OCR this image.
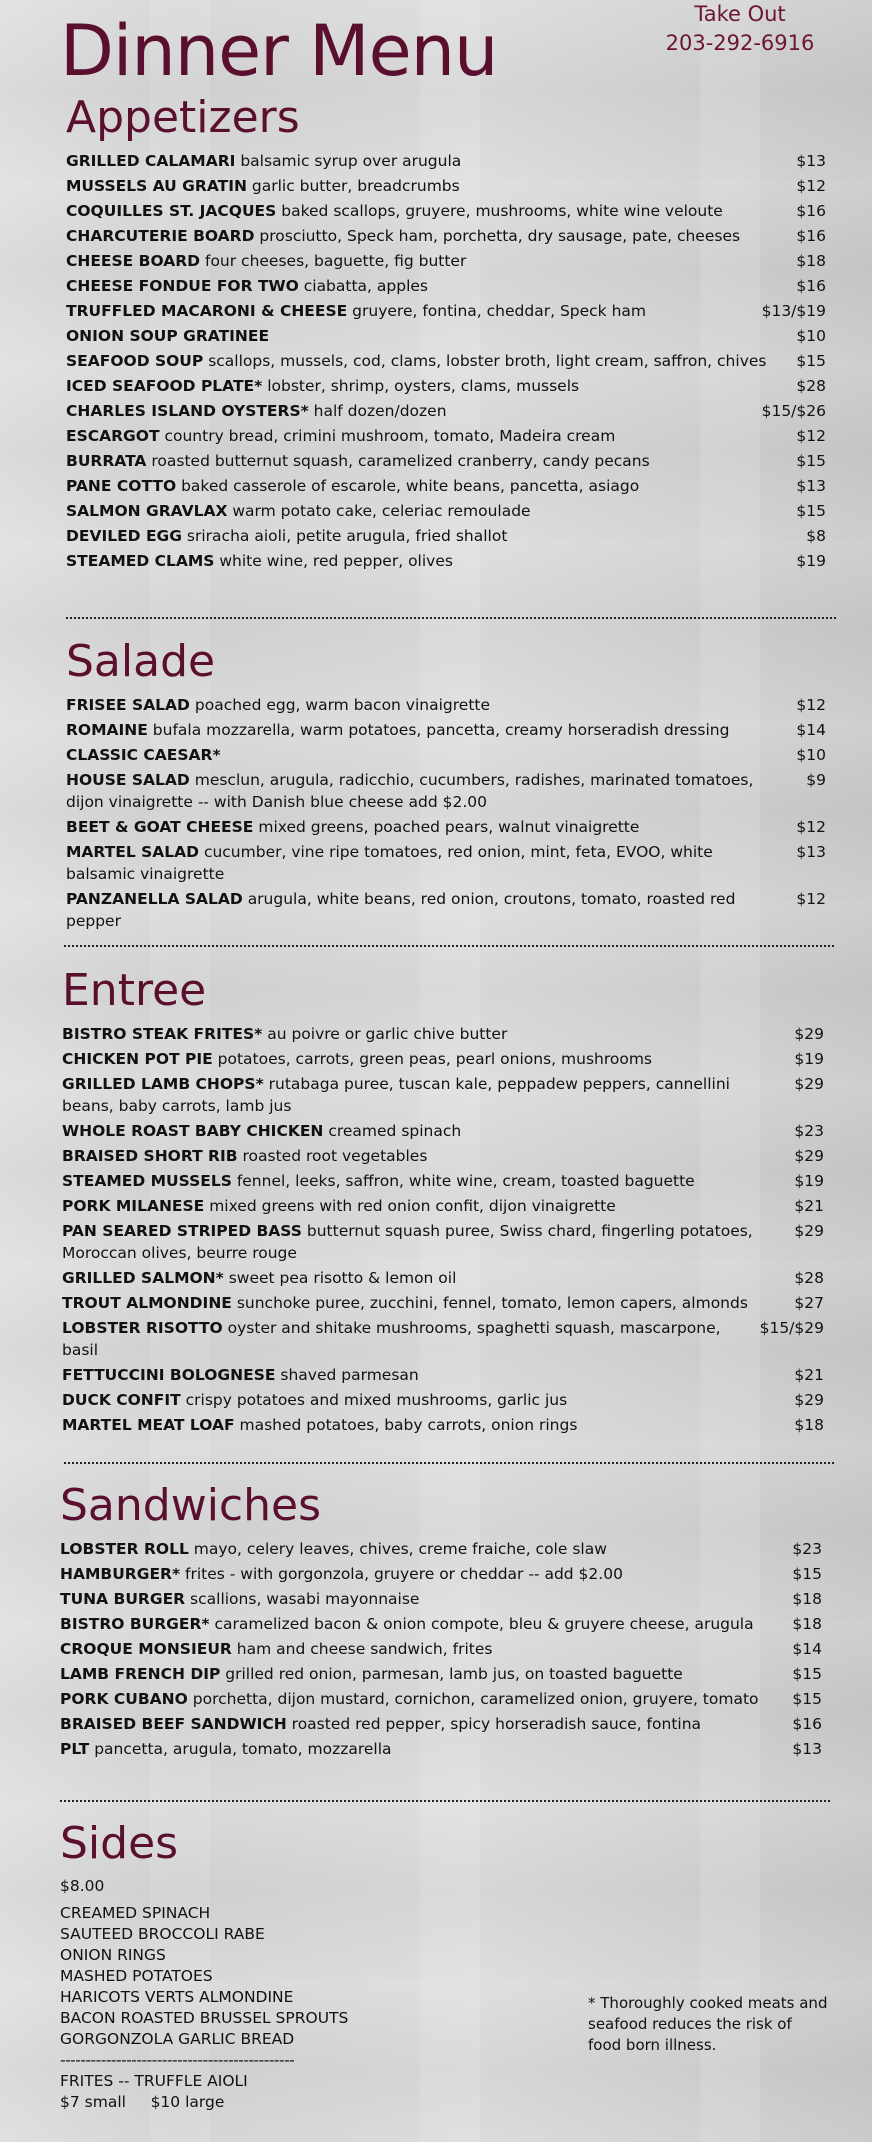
Dinner Menu	Take Out
203-292-6916
Appetizers
GRILLED CALAMARI balsamic syrup over arugula	$13
MUSSELS AU GRATIN garlic butter, breadcrumbs	$12
COQUILLES ST. JACQUES baked scallops, gruyere, mushrooms, white wine veloute	$16
CHARCUTERIE BOARD prosciutto, Speck ham, porchetta, dry sausage, pate, cheeses	$16
CHEESE BOARD four cheeses, baguette, fig butter	$18
CHEESE FONDUE FOR TWO ciabatta, apples	$16
TRUFFLED MACARONI & CHEESE gruyere, fontina, cheddar, Speck ham	$13/$19
ONION SOUP GRATINEE	$10
SEAFOOD SOUP scallops, mussels, cod, clams, lobster broth, light cream, saffron, chives	$15
ICED SEAFOOD PLATE* lobster, shrimp, oysters, clams, mussels	$28
CHARLES ISLAND OYSTERS* half dozen/dozen	$15/$26
ESCARGOT country bread, crimini mushroom, tomato, Madeira cream	$12
BURRATA roasted butternut squash, caramelized cranberry, candy pecans	$15
PANE COTTO baked casserole of escarole, white beans, pancetta, asiago	$13
SALMON GRAVLAX warm potato cake, celeriac remoulade	$15
DEVILED EGG sriracha aioli, petite arugula, fried shallot	$8
STEAMED CLAMS white wine, red pepper, olives	$19
Salade
FRISEE SALAD poached egg, warm bacon vinaigrette	$12
ROMAINE bufala mozzarella, warm potatoes, pancetta, creamy horseradish dressing	$14
CLASSIC CAESAR*	$10
HOUSE SALAD mesclun, arugula, radicchio, cucumbers, radishes, marinated tomatoes, dijon vinaigrette -- with Danish blue cheese add $2.00
$9
BEET & GOAT CHEESE mixed greens, poached pears, walnut vinaigrette	$12
MARTEL SALAD cucumber, vine ripe tomatoes, red onion, mint, feta, EVOO, white balsamic vinaigrette
$13
PANZANELLA SALAD arugula, white beans, red onion, croutons, tomato, roasted red pepper
$12
Entree
BISTRO STEAK FRITES* au poivre or garlic chive butter	$29
CHICKEN POT PIE potatoes, carrots, green peas, pearl onions, mushrooms	$19
GRILLED LAMB CHOPS* rutabaga puree, tuscan kale, peppadew peppers, cannellini beans, baby carrots, lamb jus
$29
WHOLE ROAST BABY CHICKEN creamed spinach	$23
BRAISED SHORT RIB roasted root vegetables	$29
STEAMED MUSSELS fennel, leeks, saffron, white wine, cream, toasted baguette	$19
PORK MILANESE mixed greens with red onion confit, dijon vinaigrette	$21
PAN SEARED STRIPED BASS butternut squash puree, Swiss chard, fingerling potatoes, Moroccan olives, beurre rouge
$29
GRILLED SALMON* sweet pea risotto & lemon oil	$28
TROUT ALMONDINE sunchoke puree, zucchini, fennel, tomato, lemon capers, almonds	$27
LOBSTER RISOTTO oyster and shitake mushrooms, spaghetti squash, mascarpone, basil
$15/$29
FETTUCCINI BOLOGNESE shaved parmesan	$21
DUCK CONFIT crispy potatoes and mixed mushrooms, garlic jus	$29
MARTEL MEAT LOAF mashed potatoes, baby carrots, onion rings	$18
Sandwiches
LOBSTER ROLL mayo, celery leaves, chives, creme fraiche, cole slaw	$23
HAMBURGER* frites - with gorgonzola, gruyere or cheddar -- add $2.00	$15
TUNA BURGER scallions, wasabi mayonnaise	$18
BISTRO BURGER* caramelized bacon & onion compote, bleu & gruyere cheese, arugula	$18
CROQUE MONSIEUR ham and cheese sandwich, frites	$14
LAMB FRENCH DIP grilled red onion, parmesan, lamb jus, on toasted baguette	$15
PORK CUBANO porchetta, dijon mustard, cornichon, caramelized onion, gruyere, tomato	$15
BRAISED BEEF SANDWICH roasted red pepper, spicy horseradish sauce, fontina	$16
PLT pancetta, arugula, tomato, mozzarella	$13
Sides

$8.00

CREAMED SPINACH

SAUTEED BROCCOLI RABE

ONION RINGS

MASHED POTATOES

HARICOTS VERTS ALMONDINE

BACON ROASTED BRUSSEL SPROUTS

GORGONZOLA GARLIC BREAD

----------------------------------------------

FRITES -- TRUFFLE AIOLI

$7 small     $10 large

* Thoroughly cooked meats and seafood reduces the risk of food born illness.
